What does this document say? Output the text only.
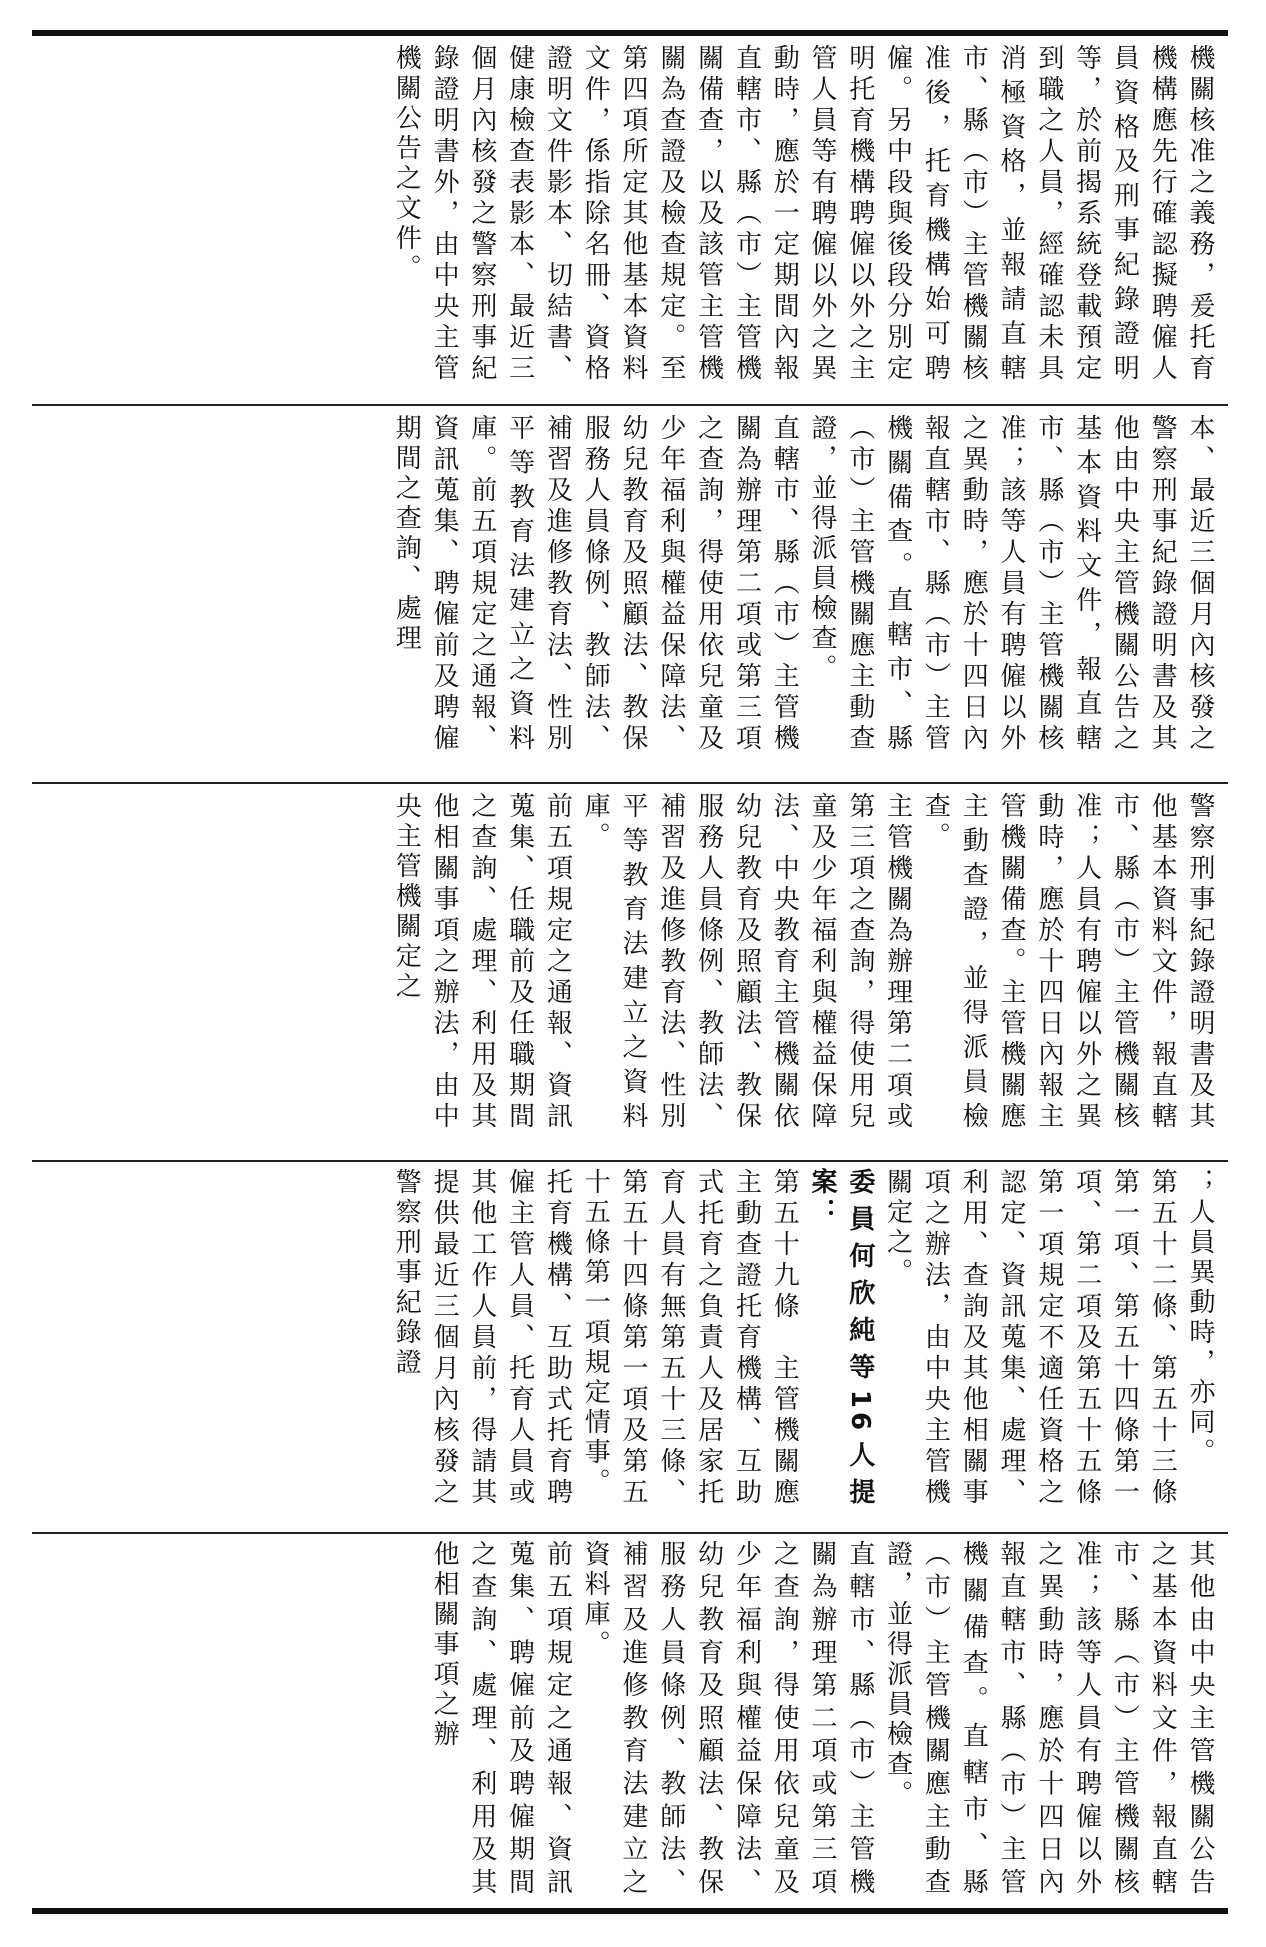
機關核准之義務，爰托育機構應先行確認擬聘僱人員資格及刑事紀錄證明等，於前揭系統登載預定到職之人員，經確認未具消極資格，並報請直轄市、縣（市）主管機關核准後，托育機構始可聘僱。另中段與後段分別定明托育機構聘僱以外之主管人員等有聘僱以外之異動時，應於一定期間內報直轄市、縣（市）主管機關備查，以及該管主管機關為查證及檢查規定。至第四項所定其他基本資料文件，係指除名冊、資格證明文件影本、切結書、健康檢查表影本、最近三個月內核發之警察刑事紀錄證明書外，由中央主管機關公告之文件。

本、最近三個月內核發之警察刑事紀錄證明書及其他由中央主管機關公告之基本資料文件，報直轄市、縣（市）主管機關核准；該等人員有聘僱以外之異動時，應於十四日內報直轄市、縣（市）主管機關備查。直轄市、縣（市）主管機關應主動查證，並得派員檢查。

直轄市、縣（市）主管機關為辦理第二項或第三項之查詢，得使用依兒童及少年福利與權益保障法、幼兒教育及照顧法、教保服務人員條例、教師法、補習及進修教育法、性別平等教育法建立之資料庫。前五項規定之通報、資訊蒐集、聘僱前及聘僱期間之查詢、處理

警察刑事紀錄證明書及其他基本資料文件，報直轄市、縣（市）主管機關核准；人員有聘僱以外之異動時，應於十四日內報主管機關備查。主管機關應主動查證，並得派員檢查。

主管機關為辦理第二項或第三項之查詢，得使用兒童及少年福利與權益保障法、中央教育主管機關依幼兒教育及照顧法、教保服務人員條例、教師法、補習及進修教育法、性別平等教育法建立之資料庫。

前五項規定之通報、資訊蒐集、任職前及任職期間之查詢、處理、利用及其他相關事項之辦法，由中央主管機關定之

；人員異動時，亦同。

第五十二條、第五十三條第一項、第五十四條第一項、第二項及第五十五條第一項規定不適任資格之認定、資訊蒐集、處理、利用、查詢及其他相關事項之辦法，由中央主管機關定之。

委員何欣純等16人提案：

第五十九條　主管機關應主動查證托育機構、互助式托育之負責人及居家托育人員有無第五十三條、第五十四條第一項及第五十五條第一項規定情事。

托育機構、互助式托育聘僱主管人員、托育人員或其他工作人員前，得請其提供最近三個月內核發之警察刑事紀錄證

其他由中央主管機關公告之基本資料文件，報直轄市、縣（市）主管機關核准；該等人員有聘僱以外之異動時，應於十四日內報直轄市、縣（市）主管機關備查。直轄市、縣（市）主管機關應主動查證，並得派員檢查。

直轄市、縣（市）主管機關為辦理第二項或第三項之查詢，得使用依兒童及少年福利與權益保障法、幼兒教育及照顧法、教保服務人員條例、教師法、補習及進修教育法建立之資料庫。

前五項規定之通報、資訊蒐集、聘僱前及聘僱期間之查詢、處理、利用及其他相關事項之辦
